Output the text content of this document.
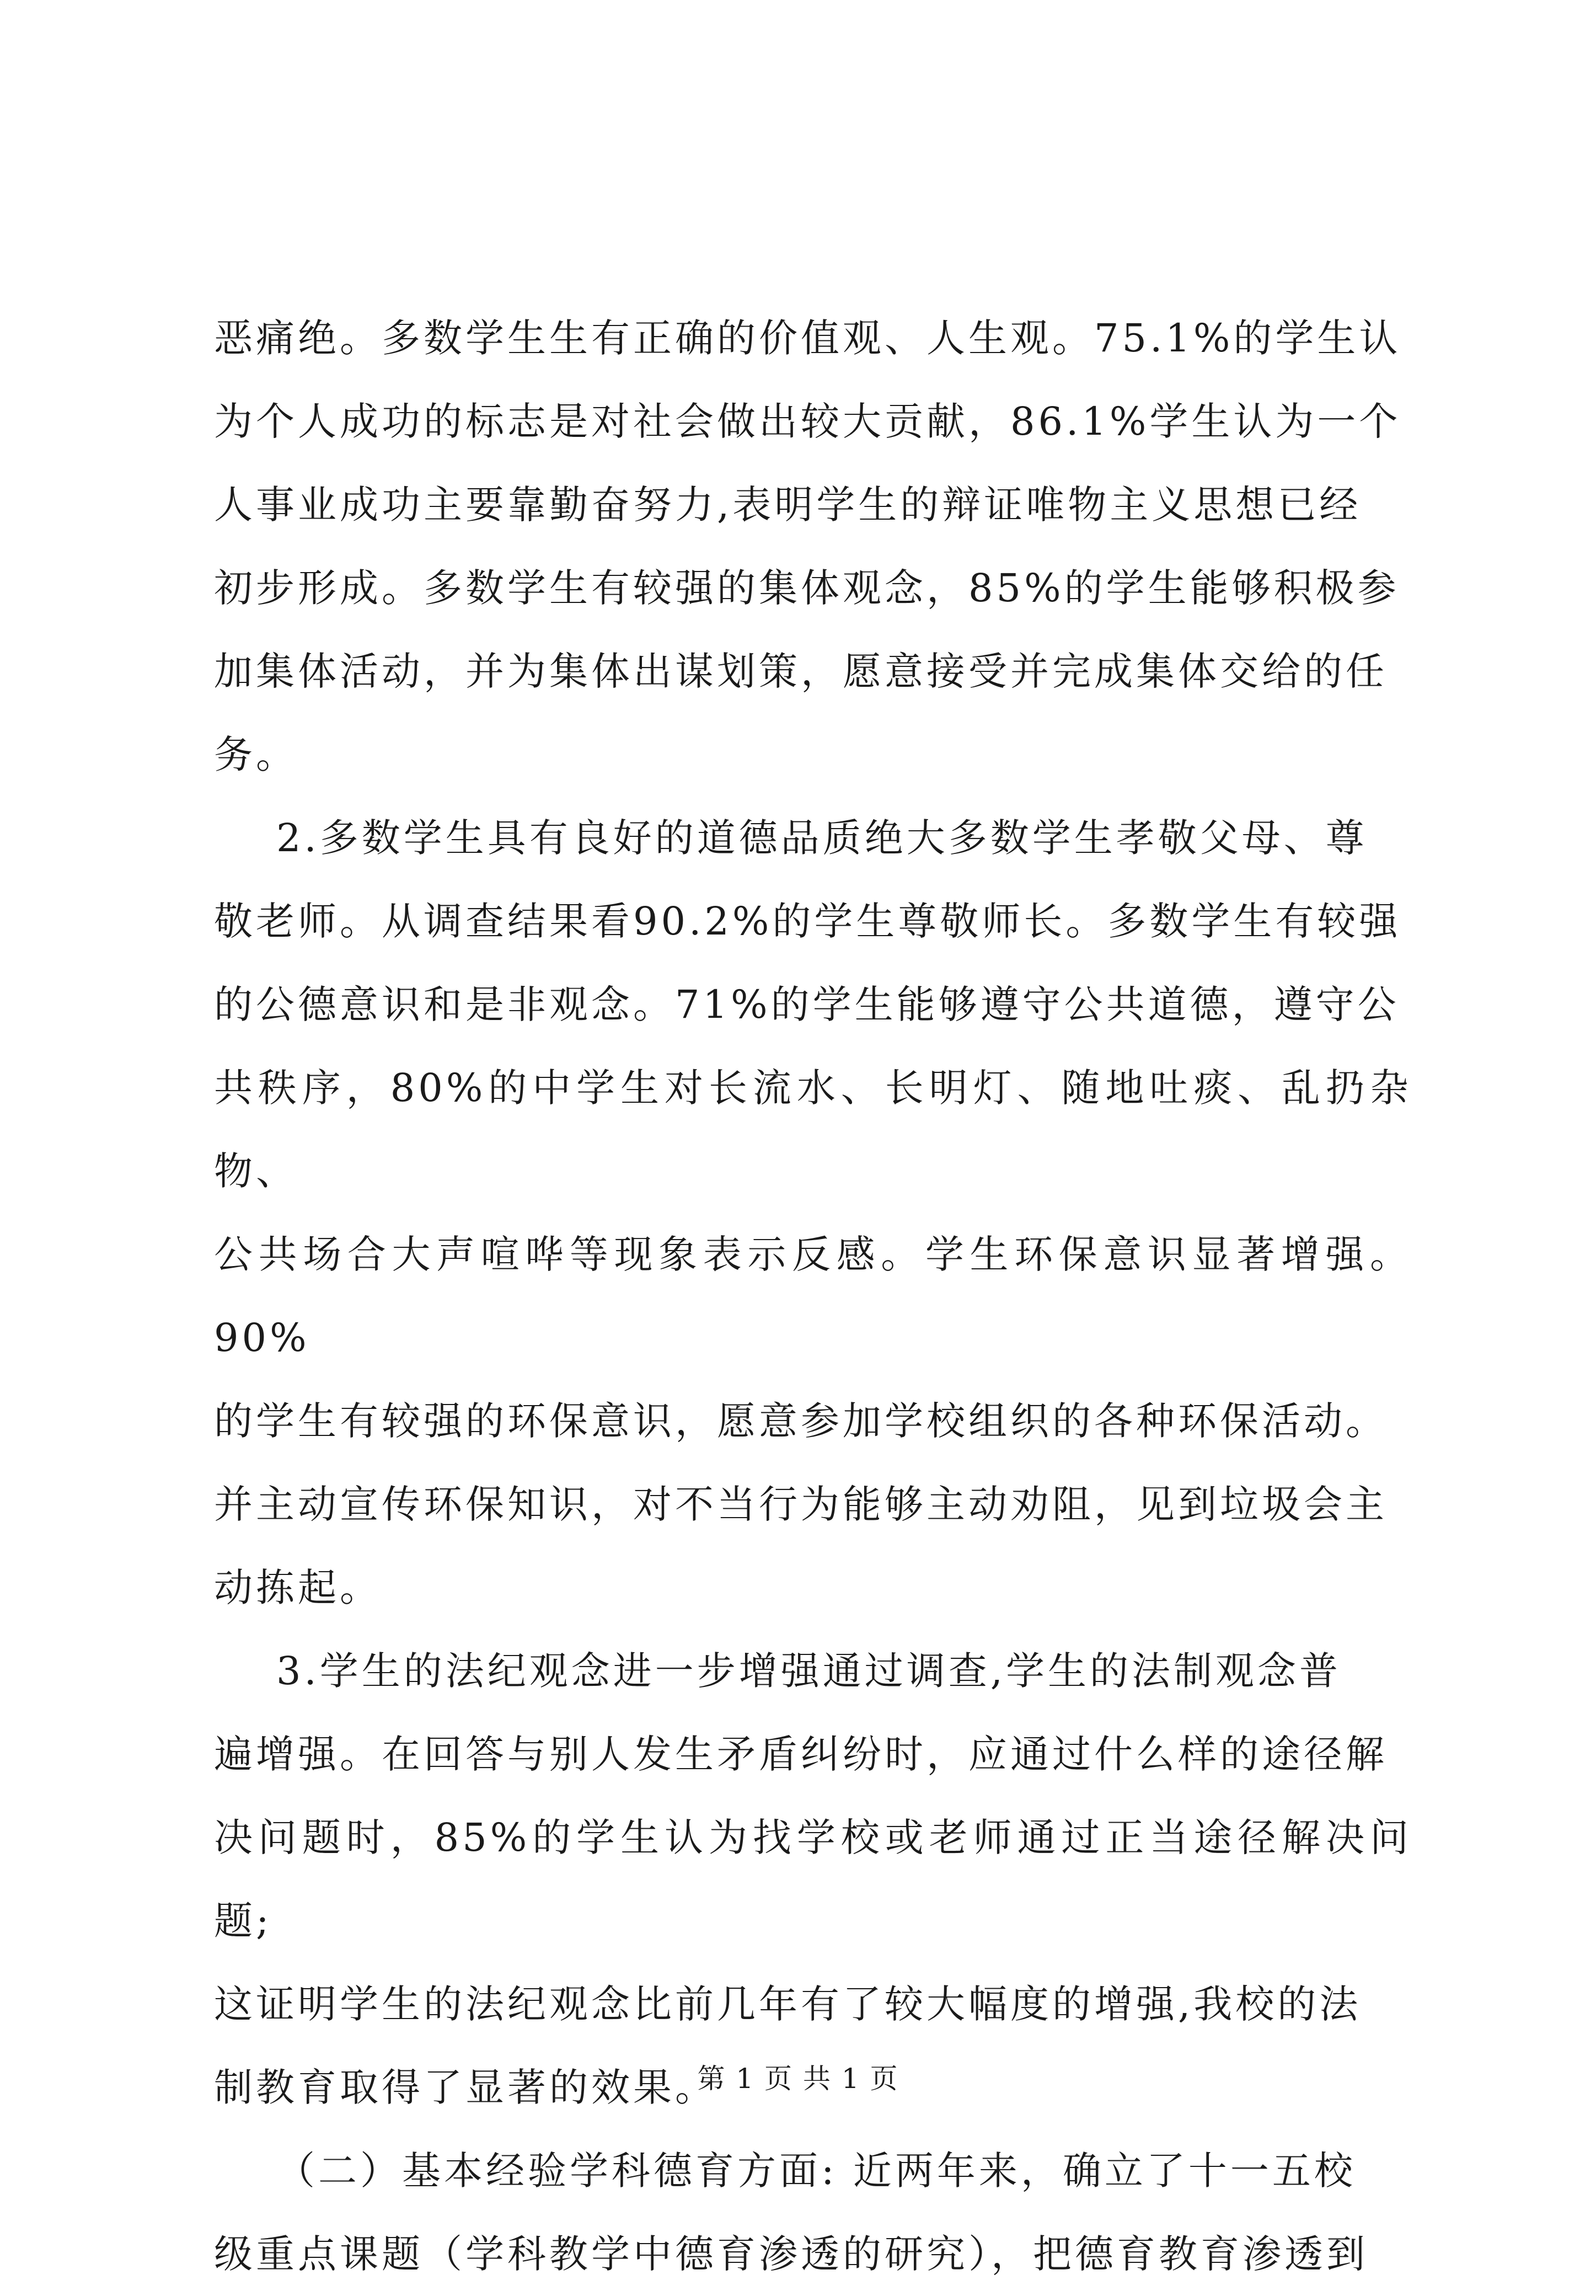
恶痛绝。多数学生生有正确的价值观、人生观。75.1%的学生认
为个人成功的标志是对社会做出较大贡献，86.1%学生认为一个
人事业成功主要靠勤奋努力,表明学生的辩证唯物主义思想已经
初步形成。多数学生有较强的集体观念，85%的学生能够积极参
加集体活动，并为集体出谋划策，愿意接受并完成集体交给的任
务。
2.多数学生具有良好的道德品质绝大多数学生孝敬父母、尊
敬老师。从调查结果看90.2%的学生尊敬师长。多数学生有较强
的公德意识和是非观念。71%的学生能够遵守公共道德，遵守公
共秩序，80%的中学生对长流水、长明灯、随地吐痰、乱扔杂物、
公共场合大声喧哗等现象表示反感。学生环保意识显著增强。90%
的学生有较强的环保意识，愿意参加学校组织的各种环保活动。
并主动宣传环保知识，对不当行为能够主动劝阻，见到垃圾会主
动拣起。
3.学生的法纪观念进一步增强通过调查,学生的法制观念普
遍增强。在回答与别人发生矛盾纠纷时，应通过什么样的途径解
决问题时，85%的学生认为找学校或老师通过正当途径解决问题;
这证明学生的法纪观念比前几年有了较大幅度的增强,我校的法
制教育取得了显著的效果。
（二）基本经验学科德育方面: 近两年来，确立了十一五校
级重点课题（学科教学中德育渗透的研究），把德育教育渗透到
第 1 页 共 1 页
